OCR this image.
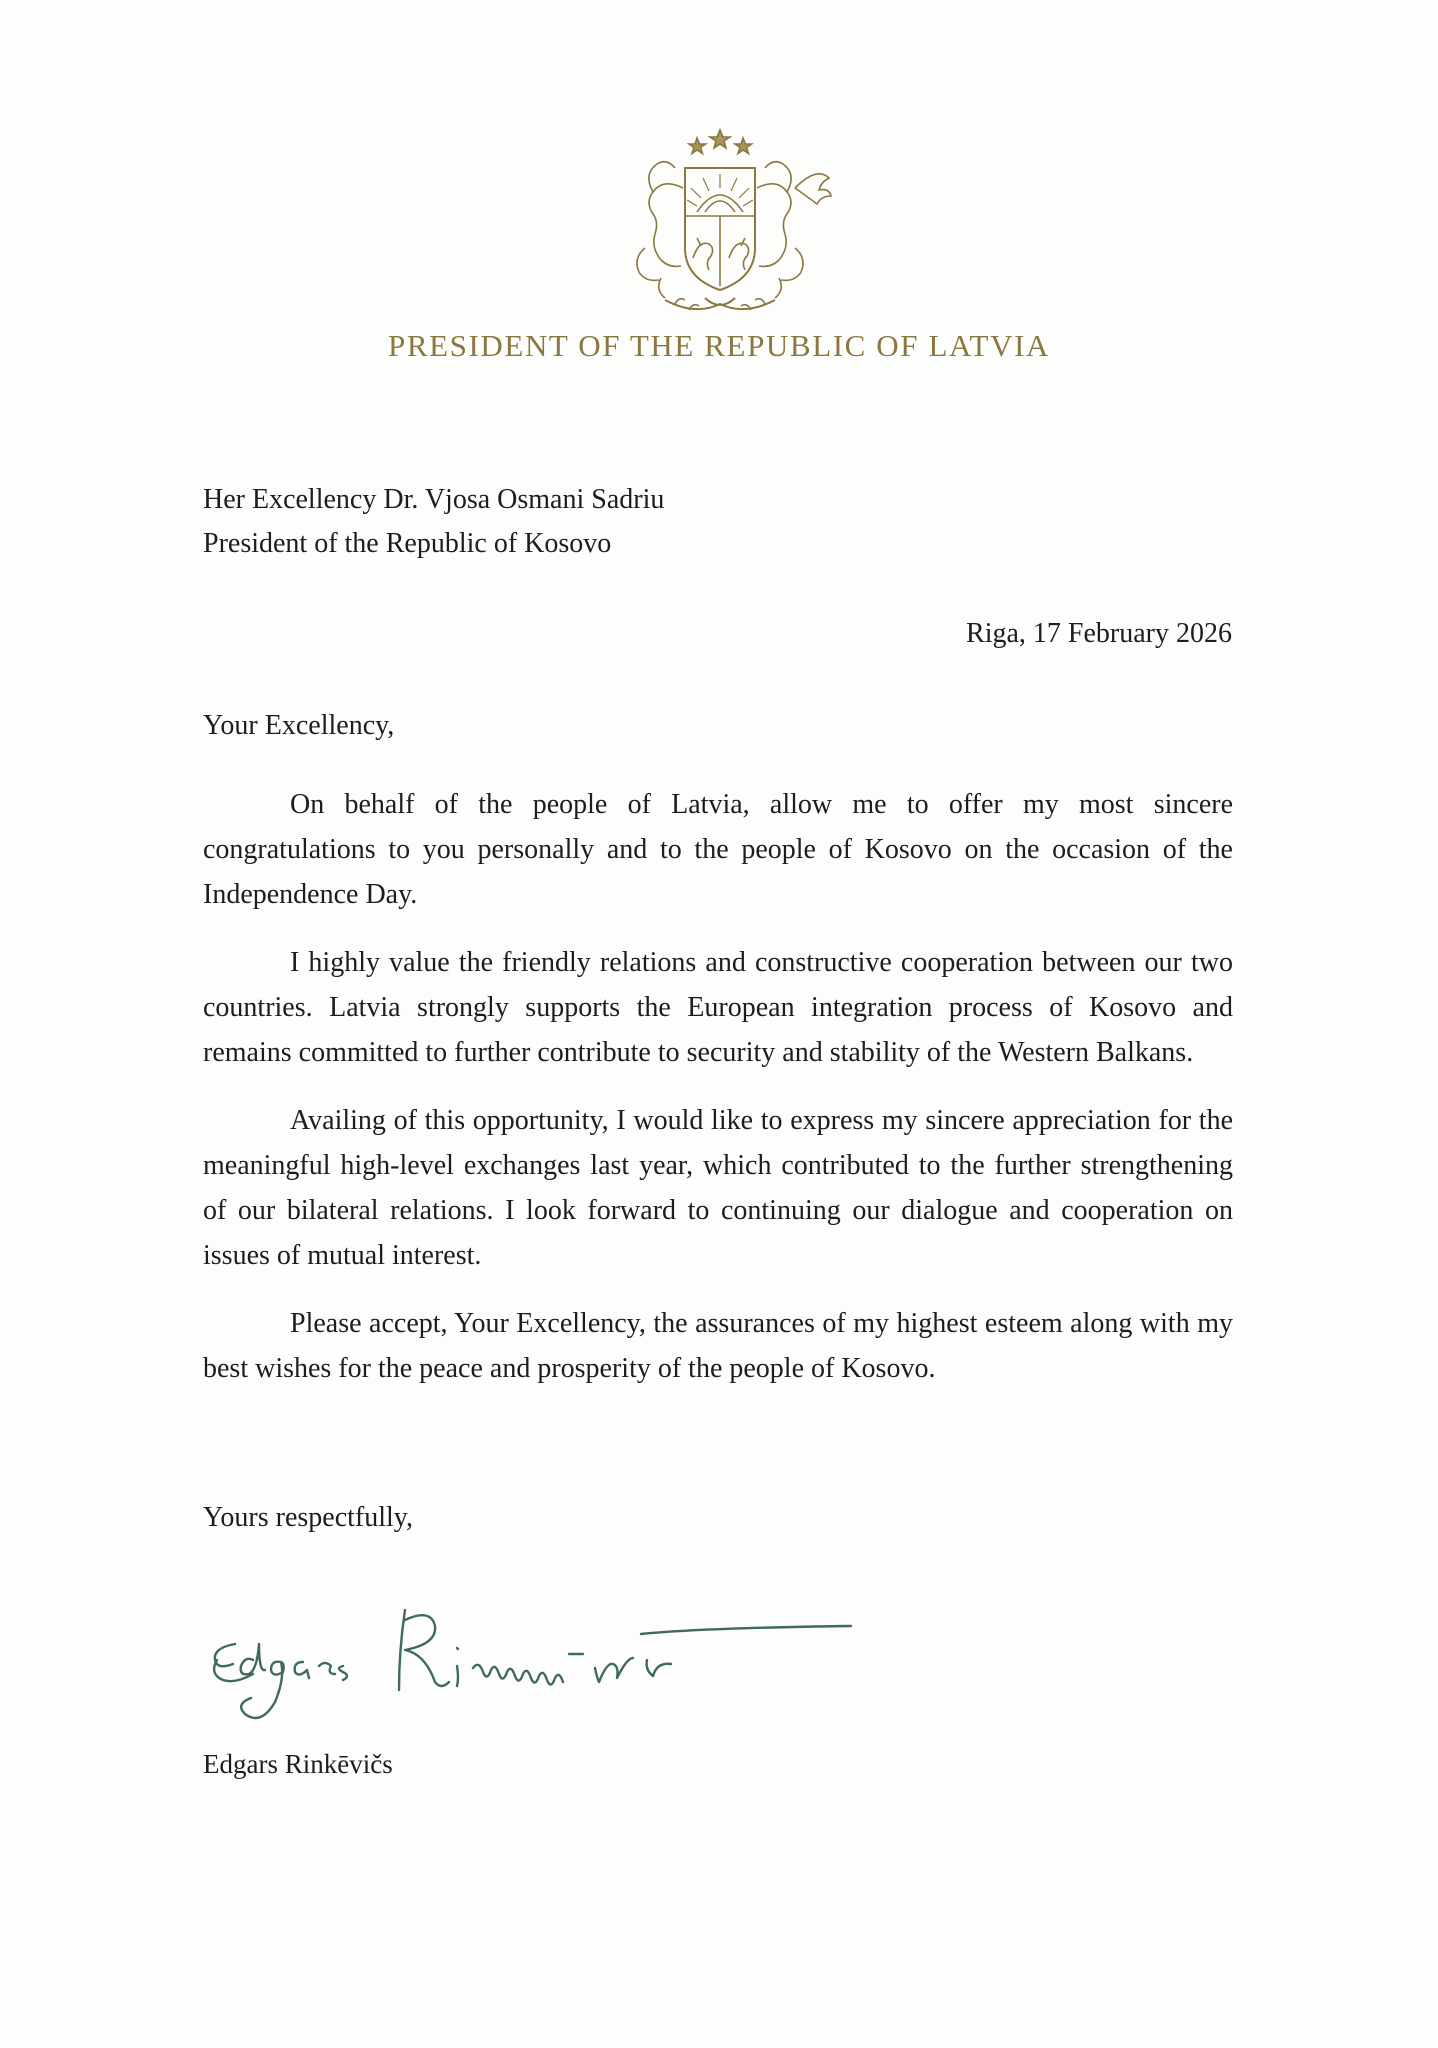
PRESIDENT OF THE REPUBLIC OF LATVIA
Her Excellency Dr. Vjosa Osmani Sadriu
President of the Republic of Kosovo
Riga, 17 February 2026
Your Excellency,

On behalf of the people of Latvia, allow me to offer my most sincere congratulations to you personally and to the people of Kosovo on the occasion of the Independence Day.

I highly value the friendly relations and constructive cooperation between our two countries. Latvia strongly supports the European integration process of Kosovo and remains committed to further contribute to security and stability of the Western Balkans.

Availing of this opportunity, I would like to express my sincere appreciation for the meaningful high-level exchanges last year, which contributed to the further strengthening of our bilateral relations. I look forward to continuing our dialogue and cooperation on issues of mutual interest.

Please accept, Your Excellency, the assurances of my highest esteem along with my best wishes for the peace and prosperity of the people of Kosovo.

Yours respectfully,
Edgars Rinkēvičs
